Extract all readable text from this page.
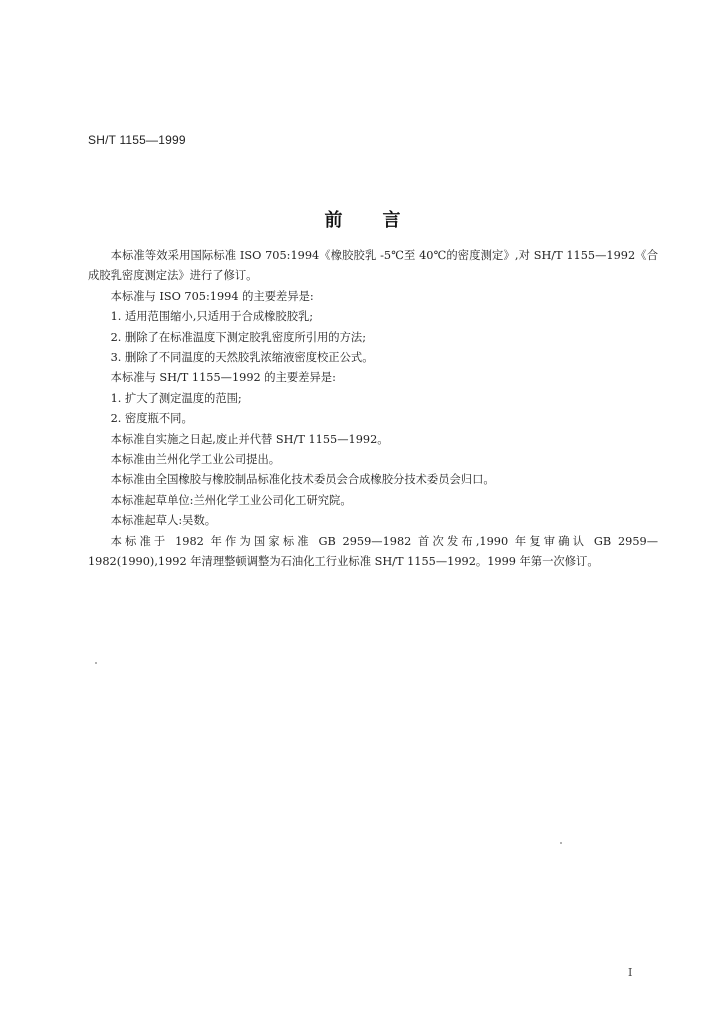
SH/T 1155—1999
前言

本标准等效采用国际标准 ISO 705:1994《橡胶胶乳 -5℃至 40℃的密度测定》,对 SH/T 1155—1992《合成胶乳密度测定法》进行了修订。

本标准与 ISO 705:1994 的主要差异是:

1. 适用范围缩小,只适用于合成橡胶胶乳;

2. 删除了在标准温度下测定胶乳密度所引用的方法;

3. 删除了不同温度的天然胶乳浓缩液密度校正公式。

本标准与 SH/T 1155—1992 的主要差异是:

1. 扩大了测定温度的范围;

2. 密度瓶不同。

本标准自实施之日起,废止并代替 SH/T 1155—1992。

本标准由兰州化学工业公司提出。

本标准由全国橡胶与橡胶制品标准化技术委员会合成橡胶分技术委员会归口。

本标准起草单位:兰州化学工业公司化工研究院。

本标准起草人:吴数。

本标准于 1982 年作为国家标准 GB 2959—1982 首次发布,1990 年复审确认 GB 2959—1982(1990),1992 年清理整顿调整为石油化工行业标准 SH/T 1155—1992。1999 年第一次修订。

I
